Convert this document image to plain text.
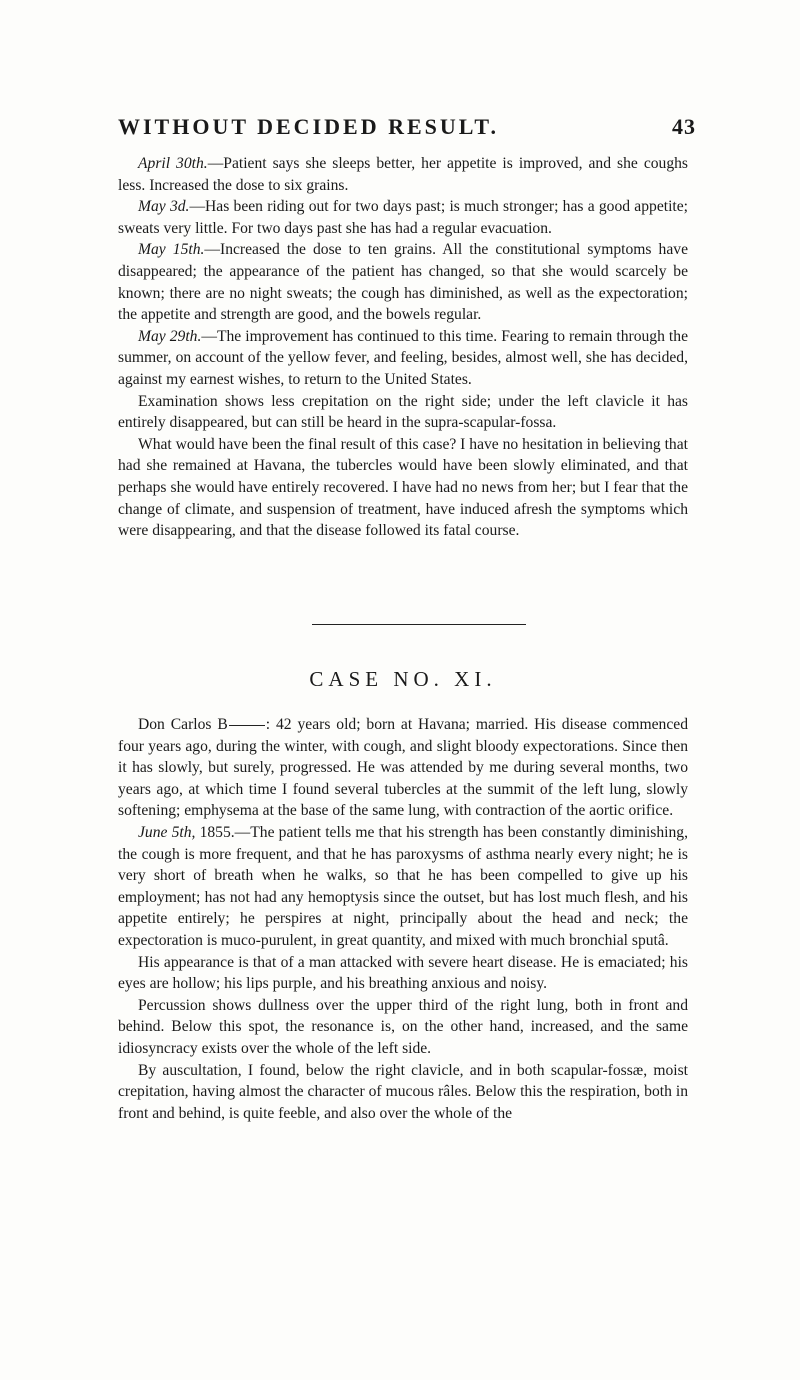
WITHOUT DECIDED RESULT.	43

April 30th.—Patient says she sleeps better, her appetite is improved, and she coughs less. Increased the dose to six grains.

May 3d.—Has been riding out for two days past; is much stronger; has a good appetite; sweats very little. For two days past she has had a regular evacuation.

May 15th.—Increased the dose to ten grains. All the constitutional symptoms have disappeared; the appearance of the patient has changed, so that she would scarcely be known; there are no night sweats; the cough has diminished, as well as the expectoration; the appetite and strength are good, and the bowels regular.

May 29th.—The improvement has continued to this time. Fearing to remain through the summer, on account of the yellow fever, and feeling, besides, almost well, she has decided, against my earnest wishes, to return to the United States.

Examination shows less crepitation on the right side; under the left clavicle it has entirely disappeared, but can still be heard in the supra-scapular-fossa.

What would have been the final result of this case? I have no hesitation in believing that had she remained at Havana, the tubercles would have been slowly eliminated, and that perhaps she would have entirely recovered. I have had no news from her; but I fear that the change of climate, and suspension of treatment, have induced afresh the symptoms which were disappearing, and that the disease followed its fatal course.

CASE NO. XI.

Don Carlos B : 42 years old; born at Havana; married. His disease commenced four years ago, during the winter, with cough, and slight bloody expectorations. Since then it has slowly, but surely, progressed. He was attended by me during several months, two years ago, at which time I found several tubercles at the summit of the left lung, slowly softening; emphysema at the base of the same lung, with contraction of the aortic orifice.

June 5th, 1855.—The patient tells me that his strength has been constantly diminishing, the cough is more frequent, and that he has paroxysms of asthma nearly every night; he is very short of breath when he walks, so that he has been compelled to give up his employment; has not had any hemoptysis since the outset, but has lost much flesh, and his appetite entirely; he perspires at night, principally about the head and neck; the expectoration is muco-purulent, in great quantity, and mixed with much bronchial sputâ.

His appearance is that of a man attacked with severe heart disease. He is emaciated; his eyes are hollow; his lips purple, and his breathing anxious and noisy.

Percussion shows dullness over the upper third of the right lung, both in front and behind. Below this spot, the resonance is, on the other hand, increased, and the same idiosyncracy exists over the whole of the left side.

By auscultation, I found, below the right clavicle, and in both scapular-fossæ, moist crepitation, having almost the character of mucous râles. Below this the respiration, both in front and behind, is quite feeble, and also over the whole of the
